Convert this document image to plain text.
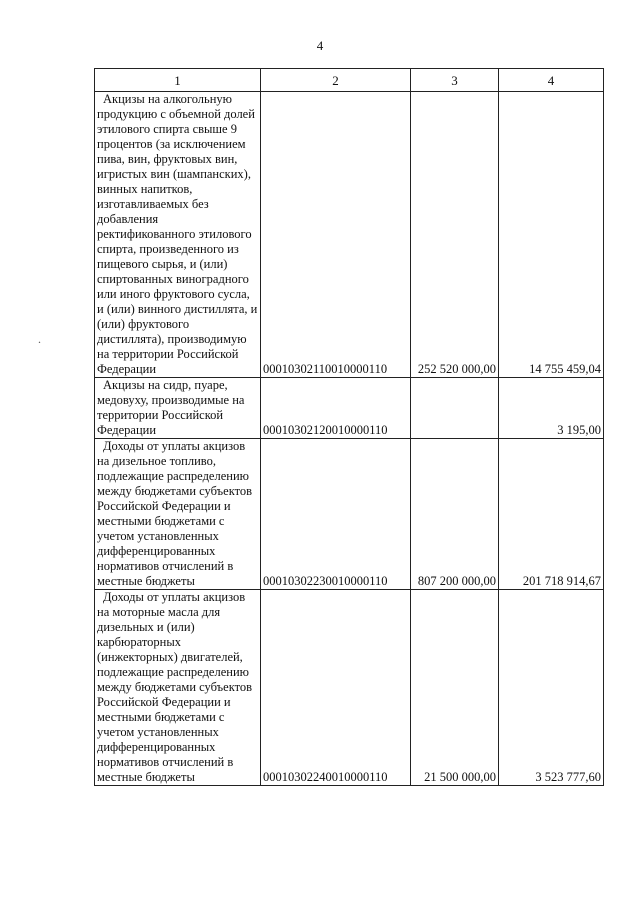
4
.
1	2	3	4

Акцизы на алкогольную продукцию с объемной долей этилового спирта свыше 9 процентов (за исключением пива, вин, фруктовых вин, игристых вин (шампанских), винных напитков, изготавливаемых без добавления ректификованного этилового спирта, произведенного из пищевого сырья, и (или) спиртованных виноградного или иного фруктового сусла, и (или) винного дистиллята, и (или) фруктового дистиллята), производимую на территории Российской Федерации	00010302110010000110	252 520 000,00	14 755 459,04

Акцизы на сидр, пуаре, медовуху, производимые на территории Российской Федерации	00010302120010000110		3 195,00

Доходы от уплаты акцизов на дизельное топливо, подлежащие распределению между бюджетами субъектов Российской Федерации и местными бюджетами с учетом установленных дифференцированных нормативов отчислений в местные бюджеты	00010302230010000110	807 200 000,00	201 718 914,67

Доходы от уплаты акцизов на моторные масла для дизельных и (или) карбюраторных (инжекторных) двигателей, подлежащие распределению между бюджетами субъектов Российской Федерации и местными бюджетами с учетом установленных дифференцированных нормативов отчислений в местные бюджеты	00010302240010000110	21 500 000,00	3 523 777,60
